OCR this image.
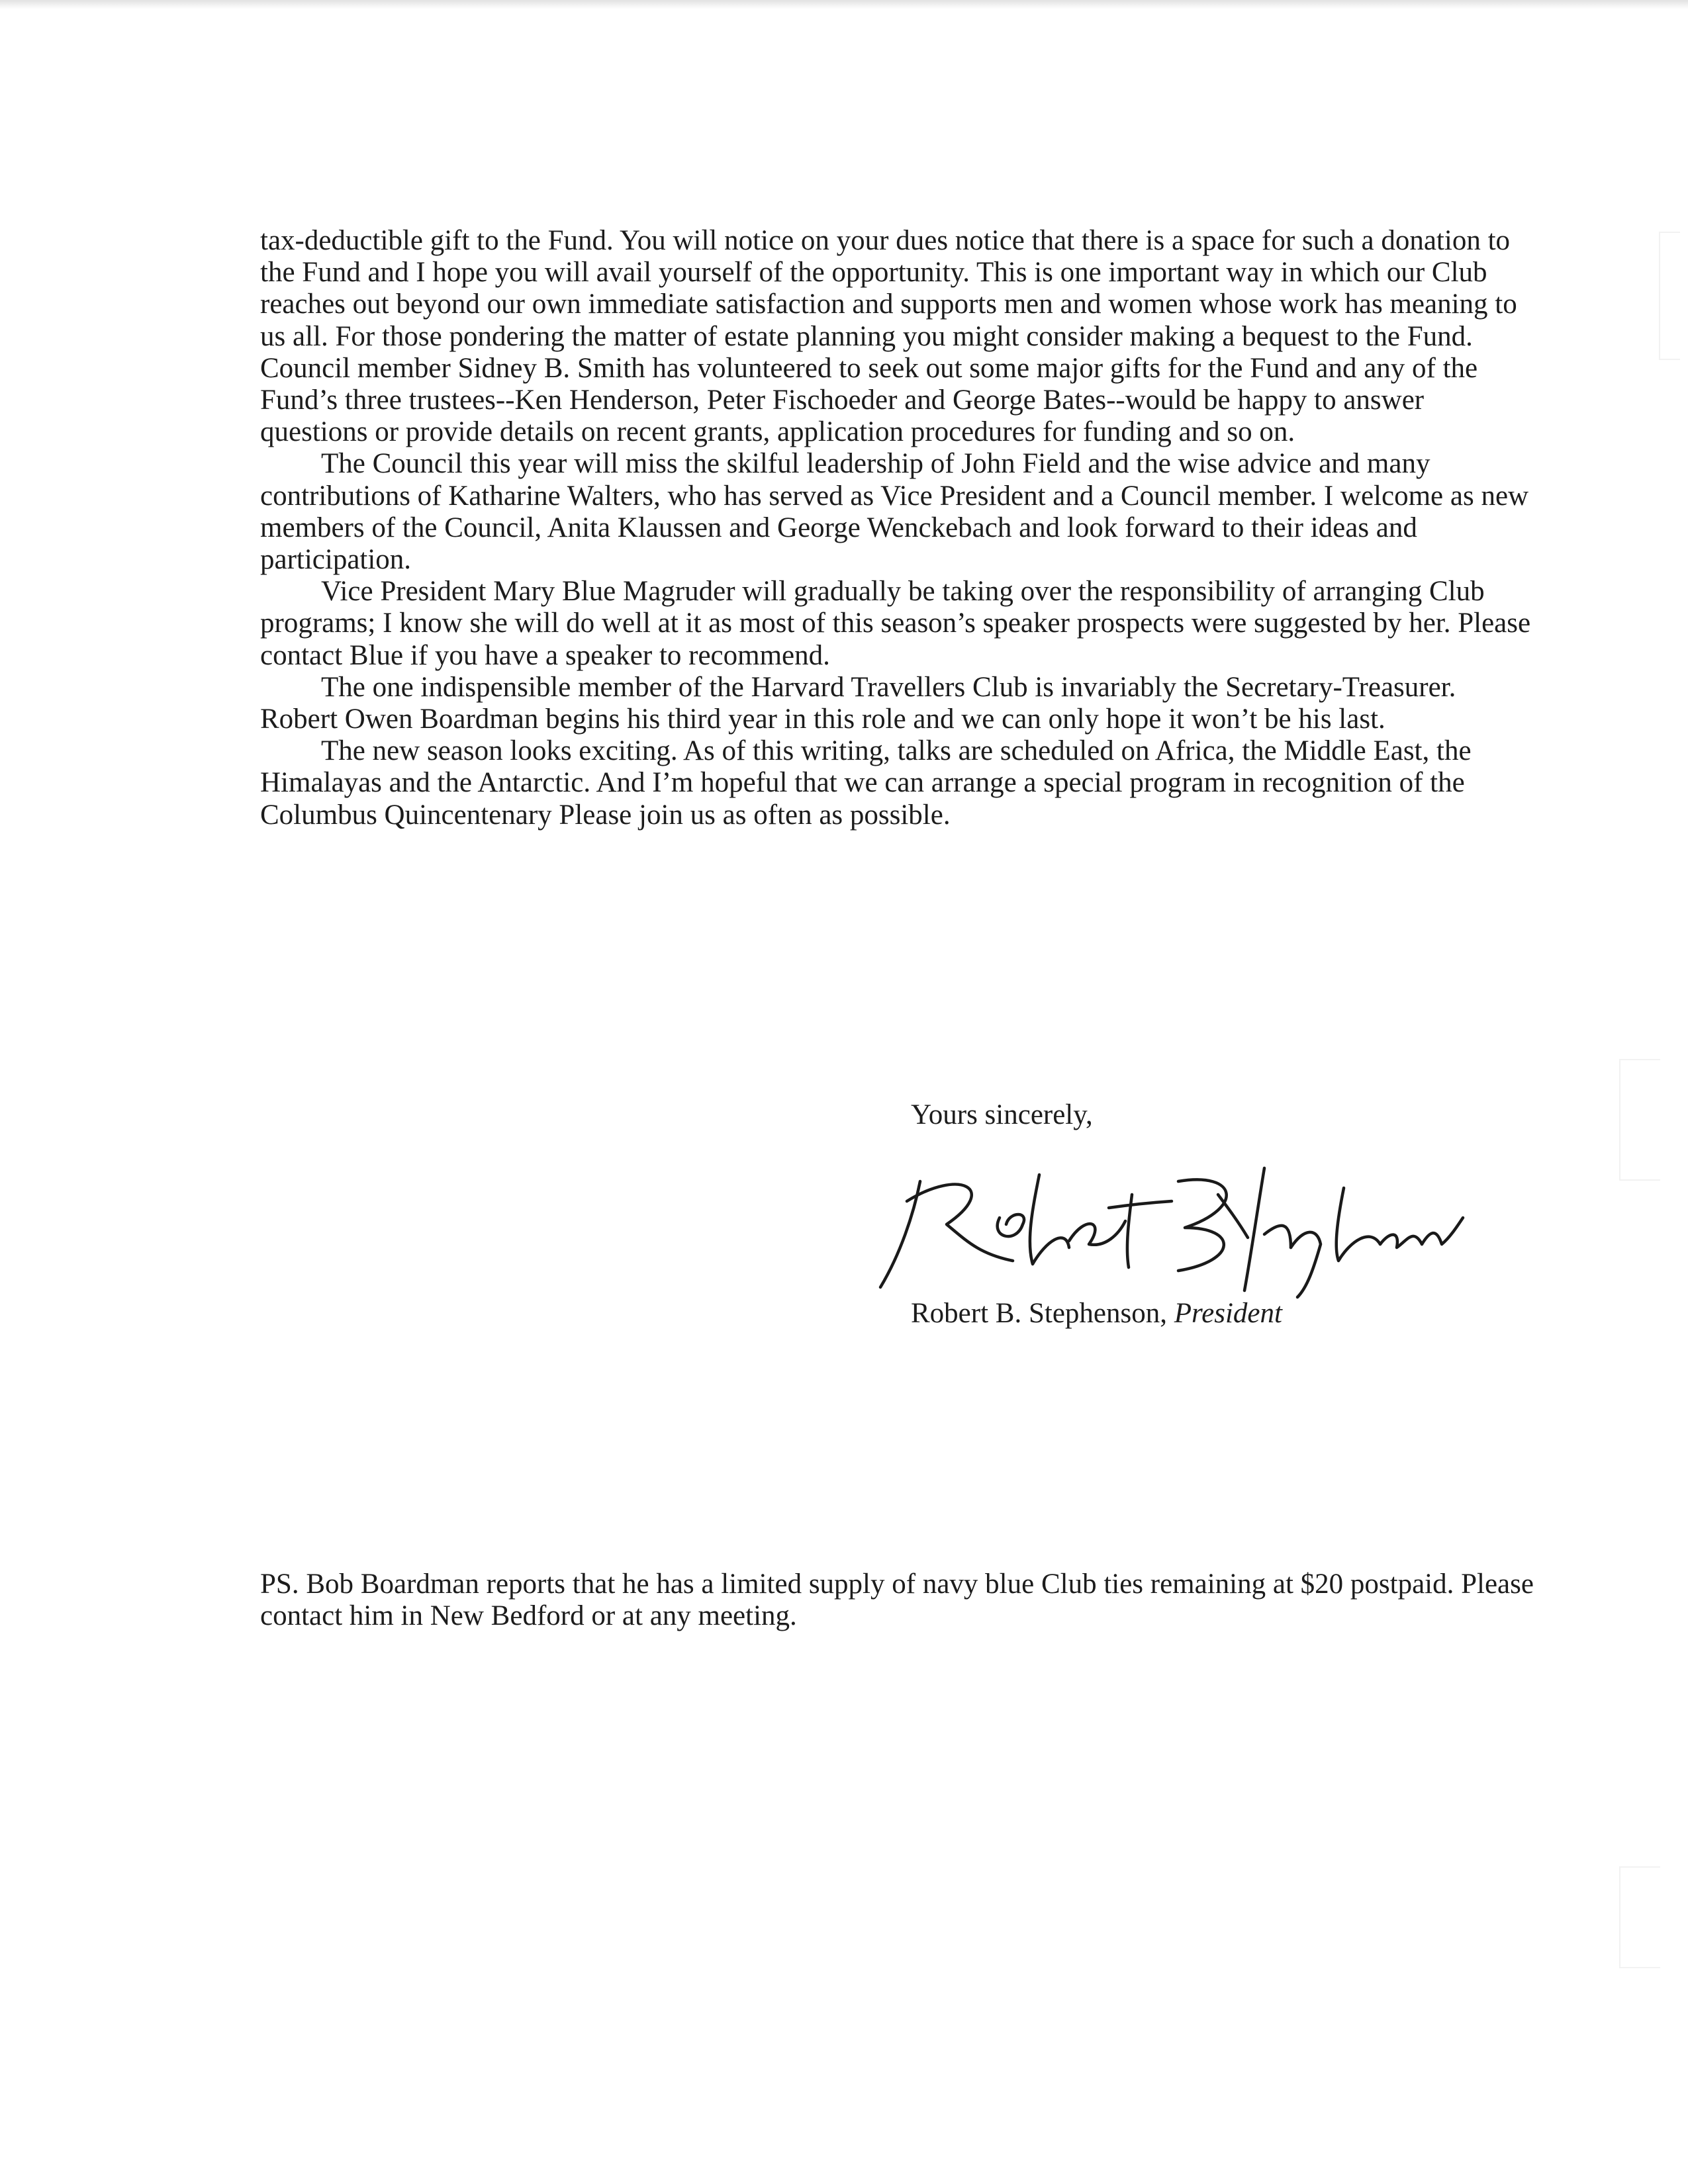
tax-deductible gift to the Fund. You will notice on your dues notice that there is a space for such a donation to the Fund and I hope you will avail yourself of the opportunity. This is one important way in which our Club reaches out beyond our own immediate satisfaction and supports men and women whose work has meaning to us all. For those pondering the matter of estate planning you might consider making a bequest to the Fund. Council member Sidney B. Smith has volunteered to seek out some major gifts for the Fund and any of the Fund’s three trustees--Ken Henderson, Peter Fischoeder and George Bates--would be happy to answer questions or provide details on recent grants, application procedures for funding and so on.

The Council this year will miss the skilful leadership of John Field and the wise advice and many contributions of Katharine Walters, who has served as Vice President and a Council member. I welcome as new members of the Council, Anita Klaussen and George Wenckebach and look forward to their ideas and participation.

Vice President Mary Blue Magruder will gradually be taking over the responsibility of arranging Club programs; I know she will do well at it as most of this season’s speaker prospects were suggested by her. Please contact Blue if you have a speaker to recommend.

The one indispensible member of the Harvard Travellers Club is invariably the Secretary-Treasurer. Robert Owen Boardman begins his third year in this role and we can only hope it won’t be his last.

The new season looks exciting. As of this writing, talks are scheduled on Africa, the Middle East, the Himalayas and the Antarctic. And I’m hopeful that we can arrange a special program in recognition of the Columbus Quincentenary Please join us as often as possible.

Yours sincerely,
Robert B. Stephenson, President

PS. Bob Boardman reports that he has a limited supply of navy blue Club ties remaining at $20 postpaid. Please contact him in New Bedford or at any meeting.
